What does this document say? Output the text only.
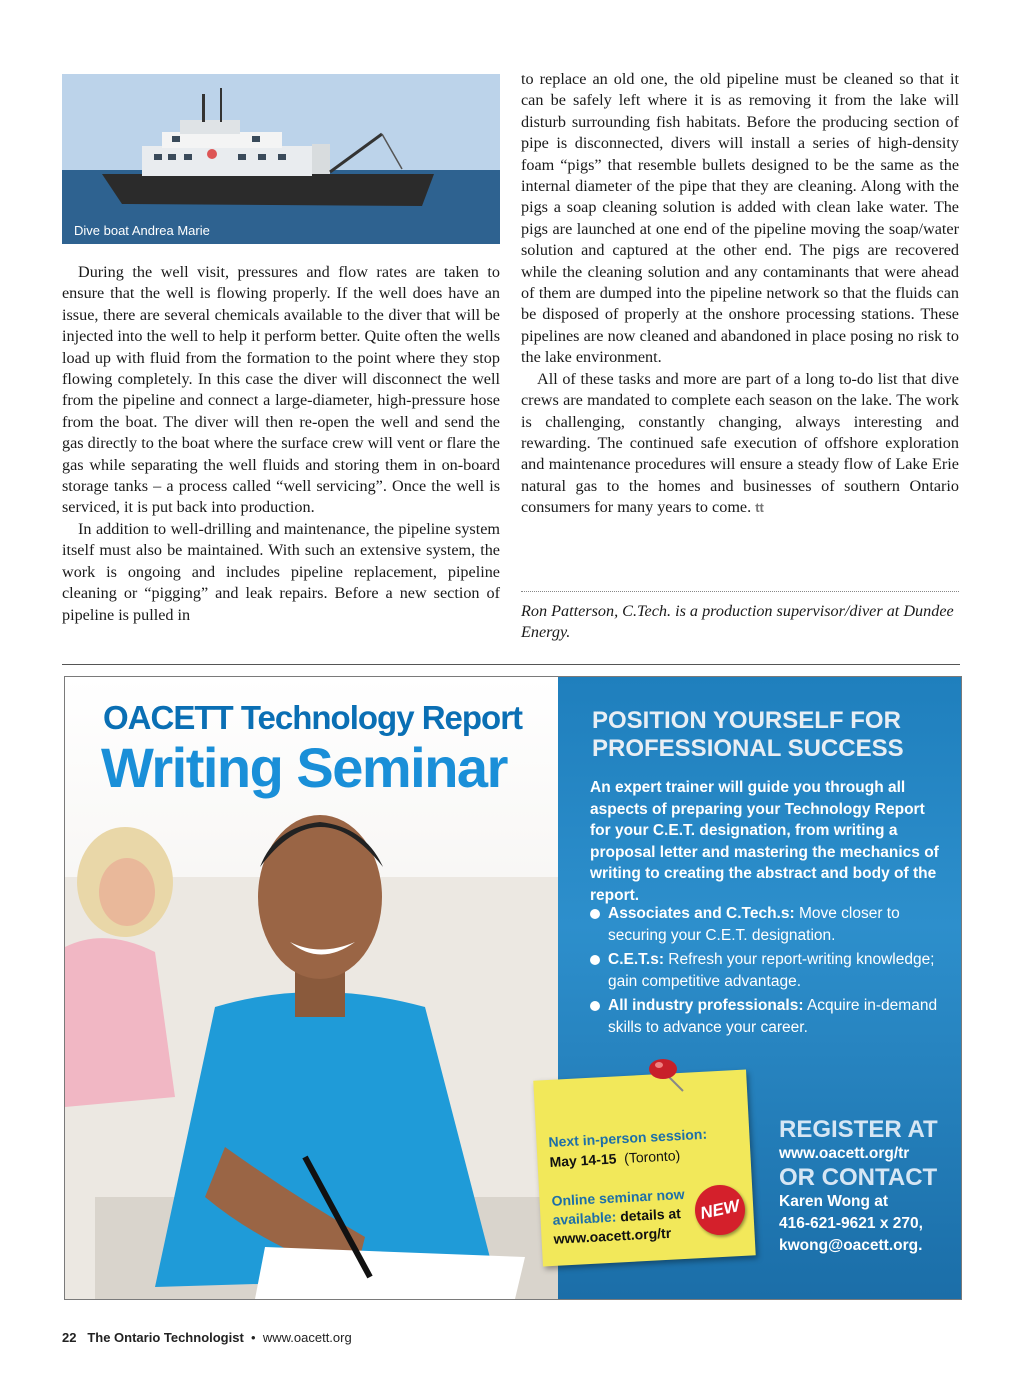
Dive boat Andrea Marie

During the well visit, pressures and flow rates are taken to ensure that the well is flowing properly. If the well does have an issue, there are several chemicals available to the diver that will be injected into the well to help it perform better. Quite often the wells load up with fluid from the formation to the point where they stop flowing completely. In this case the diver will disconnect the well from the pipeline and connect a large-diameter, high-pressure hose from the boat. The diver will then re-open the well and send the gas directly to the boat where the surface crew will vent or flare the gas while separating the well fluids and storing them in on-board storage tanks – a process called “well servicing”. Once the well is serviced, it is put back into production.

In addition to well-drilling and maintenance, the pipeline system itself must also be maintained. With such an extensive system, the work is ongoing and includes pipeline replacement, pipeline cleaning or “pigging” and leak repairs. Before a new section of pipeline is pulled in

to replace an old one, the old pipeline must be cleaned so that it can be safely left where it is as removing it from the lake will disturb surrounding fish habitats. Before the producing section of pipe is disconnected, divers will install a series of high-density foam “pigs” that resemble bullets designed to be the same as the internal diameter of the pipe that they are cleaning. Along with the pigs a soap cleaning solution is added with clean lake water. The pigs are launched at one end of the pipeline moving the soap/water solution and captured at the other end. The pigs are recovered while the cleaning solution and any contaminants that were ahead of them are dumped into the pipeline network so that the fluids can be disposed of properly at the onshore processing stations. These pipelines are now cleaned and abandoned in place posing no risk to the lake environment.

All of these tasks and more are part of a long to-do list that dive crews are mandated to complete each season on the lake. The work is challenging, constantly changing, always interesting and rewarding. The continued safe execution of offshore exploration and maintenance procedures will ensure a steady flow of Lake Erie natural gas to the homes and businesses of southern Ontario consumers for many years to come. tt

Ron Patterson, C.Tech. is a production supervisor/diver at Dundee Energy.
OACETT Technology Report
Writing Seminar
POSITION YOURSELF FOR PROFESSIONAL SUCCESS
An expert trainer will guide you through all aspects of preparing your Technology Report for your C.E.T. designation, from writing a proposal letter and mastering the mechanics of writing to creating the abstract and body of the report.
Associates and C.Tech.s: Move closer to securing your C.E.T. designation.
C.E.T.s: Refresh your report-writing knowledge; gain competitive advantage.
All industry professionals: Acquire in-demand skills to advance your career.
Next in-person session:
May 14-15 (Toronto)
Online seminar now
available: details at
www.oacett.org/tr
NEW
REGISTER AT
www.oacett.org/tr
OR CONTACT
Karen Wong at
416-621-9621 x 270,
kwong@oacett.org.
22 The Ontario Technologist • www.oacett.org
